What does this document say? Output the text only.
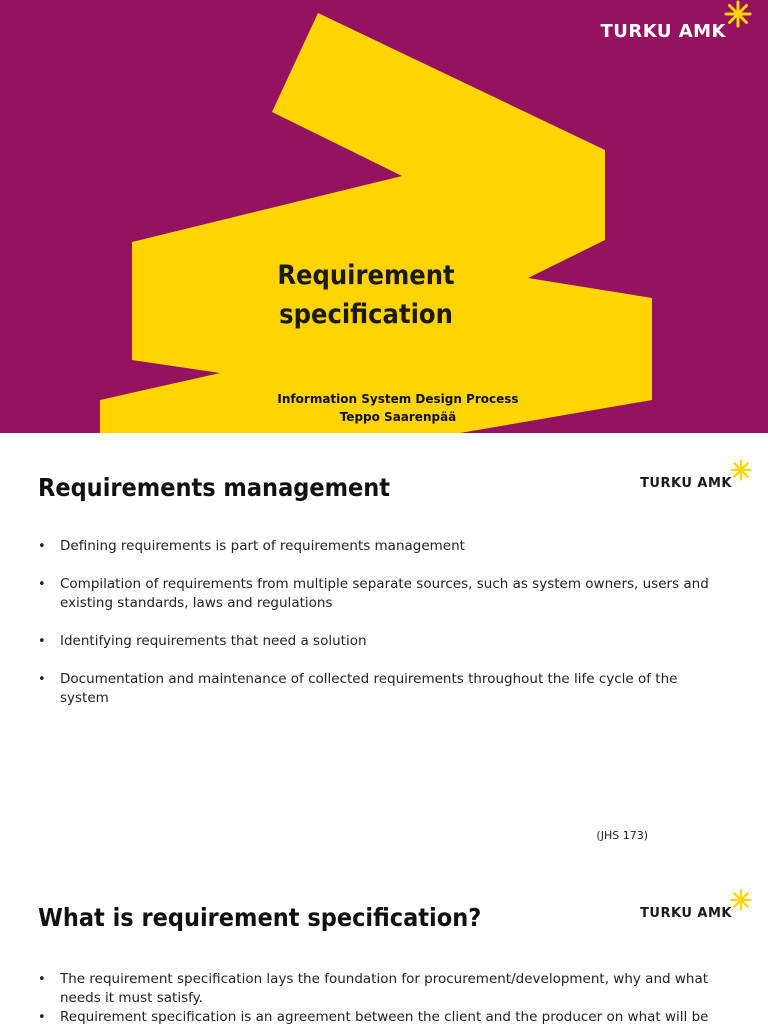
TURKU AMK
Requirement
specification
Information System Design Process
Teppo Saarenpää
Requirements management	TURKU AMK
• Defining requirements is part of requirements management
• Compilation of requirements from multiple separate sources, such as system owners, users and existing standards, laws and regulations
• Identifying requirements that need a solution
• Documentation and maintenance of collected requirements throughout the life cycle of the system
(JHS 173)
What is requirement specification?	TURKU AMK
• The requirement specification lays the foundation for procurement/development, why and what needs it must satisfy.
• Requirement specification is an agreement between the client and the producer on what will be
